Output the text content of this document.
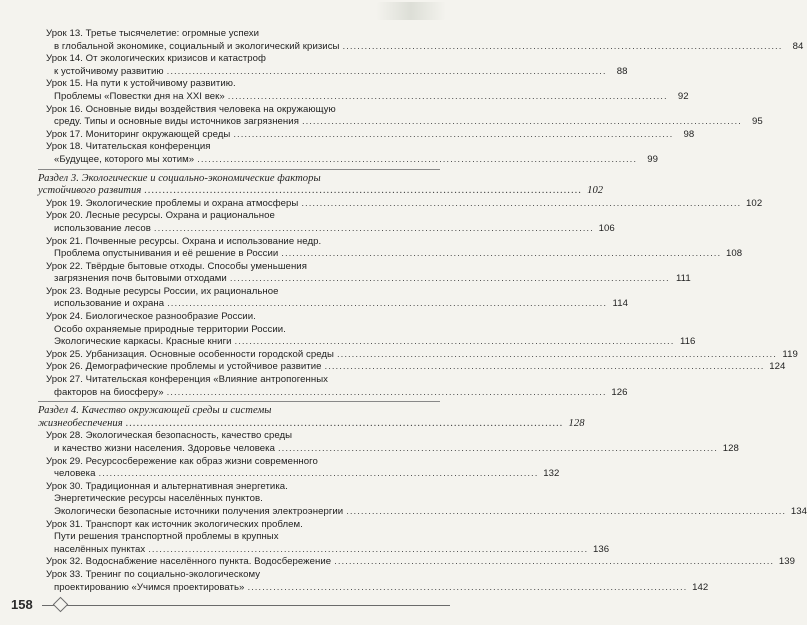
Урок 13. Третье тысячелетие: огромные успехи
в глобальной экономике, социальный и экологический кризисы ........................................................................................................................	84
Урок 14. От экологических кризисов и катастроф
к устойчивому развитию ........................................................................................................................	88
Урок 15. На пути к устойчивому развитию.
Проблемы «Повестки дня на XXI век» ........................................................................................................................	92
Урок 16. Основные виды воздействия человека на окружающую
среду. Типы и основные виды источников загрязнения ........................................................................................................................	95
Урок 17. Мониторинг окружающей среды ........................................................................................................................	98
Урок 18. Читательская конференция
«Будущее, которого мы хотим» ........................................................................................................................	99
Раздел 3. Экологические и социально-экономические факторы
устойчивого развития ........................................................................................................................ 102
Урок 19. Экологические проблемы и охрана атмосферы ........................................................................................................................ 102
Урок 20. Лесные ресурсы. Охрана и рациональное
использование лесов ........................................................................................................................ 106
Урок 21. Почвенные ресурсы. Охрана и использование недр.
Проблема опустынивания и её решение в России ........................................................................................................................ 108
Урок 22. Твёрдые бытовые отходы. Способы уменьшения
загрязнения почв бытовыми отходами ........................................................................................................................ 111
Урок 23. Водные ресурсы России, их рациональное
использование и охрана ........................................................................................................................ 114
Урок 24. Биологическое разнообразие России.
Особо охраняемые природные территории России.
Экологические каркасы. Красные книги ........................................................................................................................ 116
Урок 25. Урбанизация. Основные особенности городской среды ........................................................................................................................ 119
Урок 26. Демографические проблемы и устойчивое развитие ........................................................................................................................ 124
Урок 27. Читательская конференция «Влияние антропогенных
факторов на биосферу» ........................................................................................................................ 126
Раздел 4. Качество окружающей среды и системы
жизнеобеспечения ........................................................................................................................ 128
Урок 28. Экологическая безопасность, качество среды
и качество жизни населения. Здоровье человека ........................................................................................................................ 128
Урок 29. Ресурсосбережение как образ жизни современного
человека ........................................................................................................................ 132
Урок 30. Традиционная и альтернативная энергетика.
Энергетические ресурсы населённых пунктов.
Экологически безопасные источники получения электроэнергии ........................................................................................................................ 134
Урок 31. Транспорт как источник экологических проблем.
Пути решения транспортной проблемы в крупных
населённых пунктах ........................................................................................................................ 136
Урок 32. Водоснабжение населённого пункта. Водосбережение ........................................................................................................................ 139
Урок 33. Тренинг по социально-экологическому
проектированию «Учимся проектировать» ........................................................................................................................ 142
158
